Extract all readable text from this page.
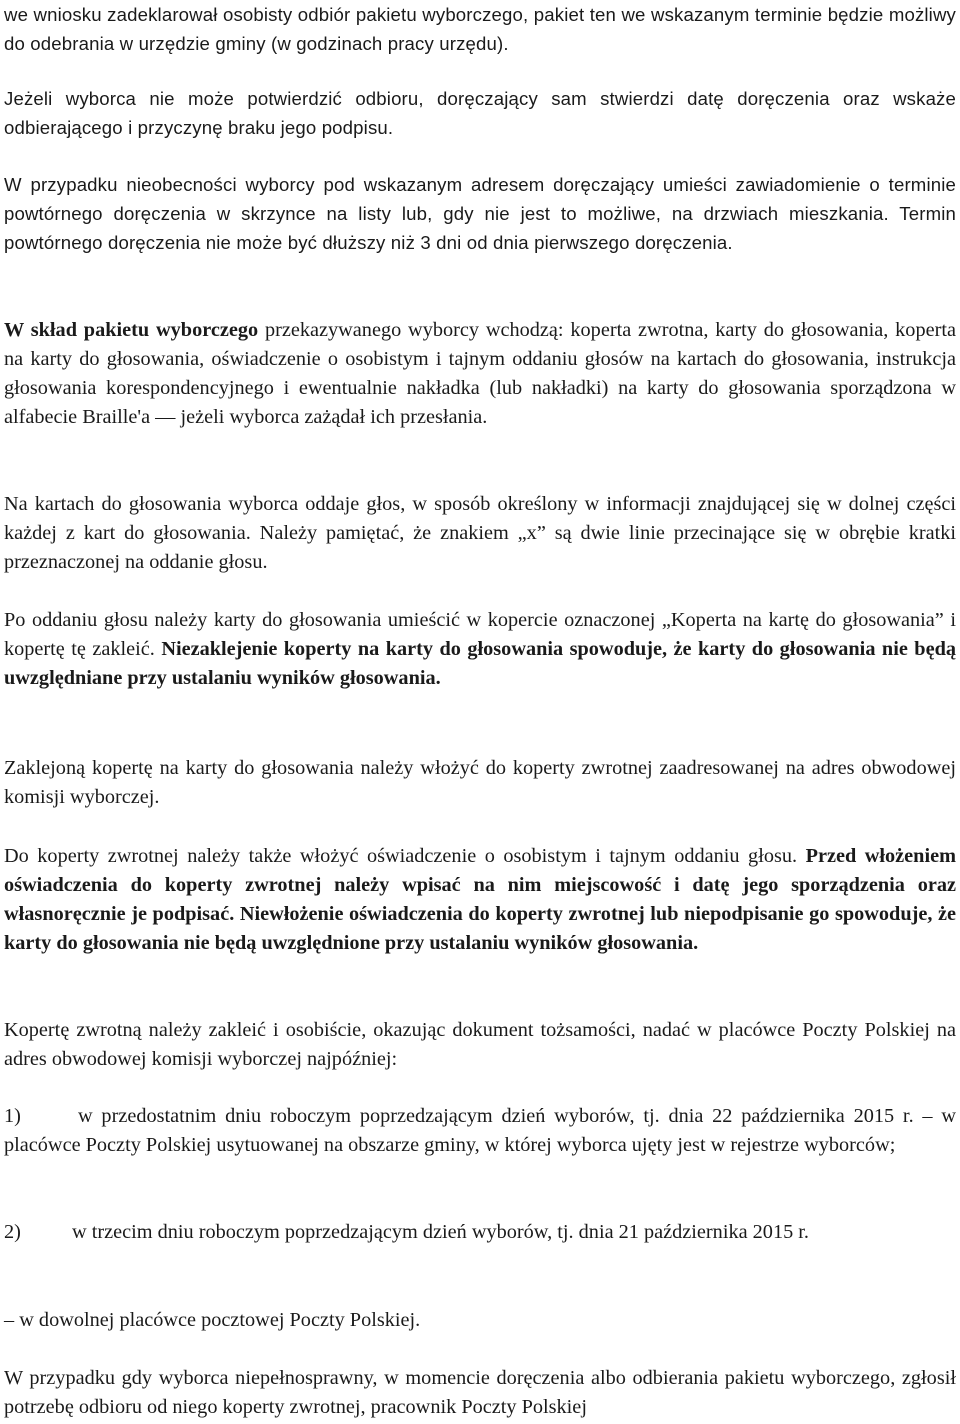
we wniosku zadeklarował osobisty odbiór pakietu wyborczego, pakiet ten we wskazanym terminie będzie możliwy do odebrania w urzędzie gminy (w godzinach pracy urzędu).

Jeżeli wyborca nie może potwierdzić odbioru, doręczający sam stwierdzi datę doręczenia oraz wskaże odbierającego i przyczynę braku jego podpisu.

W przypadku nieobecności wyborcy pod wskazanym adresem doręczający umieści zawiadomienie o terminie powtórnego doręczenia w skrzynce na listy lub, gdy nie jest to możliwe, na drzwiach mieszkania. Termin powtórnego doręczenia nie może być dłuższy niż 3 dni od dnia pierwszego doręczenia.

W skład pakietu wyborczego przekazywanego wyborcy wchodzą: koperta zwrotna, karty do głosowania, koperta na karty do głosowania, oświadczenie o osobistym i tajnym oddaniu głosów na kartach do głosowania, instrukcja głosowania korespondencyjnego i ewentualnie nakładka (lub nakładki) na karty do głosowania sporządzona w alfabecie Braille'a ― jeżeli wyborca zażądał ich przesłania.

Na kartach do głosowania wyborca oddaje głos, w sposób określony w informacji znajdującej się w dolnej części każdej z kart do głosowania. Należy pamiętać, że znakiem „x” są dwie linie przecinające się w obrębie kratki przeznaczonej na oddanie głosu.

Po oddaniu głosu należy karty do głosowania umieścić w kopercie oznaczonej „Koperta na kartę do głosowania” i kopertę tę zakleić. Niezaklejenie koperty na karty do głosowania spowoduje, że karty do głosowania nie będą uwzględniane przy ustalaniu wyników głosowania.

Zaklejoną kopertę na karty do głosowania należy włożyć do koperty zwrotnej zaadresowanej na adres obwodowej komisji wyborczej.

Do koperty zwrotnej należy także włożyć oświadczenie o osobistym i tajnym oddaniu głosu. Przed włożeniem oświadczenia do koperty zwrotnej należy wpisać na nim miejscowość i datę jego sporządzenia oraz własnoręcznie je podpisać. Niewłożenie oświadczenia do koperty zwrotnej lub niepodpisanie go spowoduje, że karty do głosowania nie będą uwzględnione przy ustalaniu wyników głosowania.

Kopertę zwrotną należy zakleić i osobiście, okazując dokument tożsamości, nadać w placówce Poczty Polskiej na adres obwodowej komisji wyborczej najpóźniej:

1)	w przedostatnim dniu roboczym poprzedzającym dzień wyborów, tj. dnia 22 października 2015 r. – w placówce Poczty Polskiej usytuowanej na obszarze gminy, w której wyborca ujęty jest w rejestrze wyborców;

2)	w trzecim dniu roboczym poprzedzającym dzień wyborów, tj. dnia 21 października 2015 r.

– w dowolnej placówce pocztowej Poczty Polskiej.

W przypadku gdy wyborca niepełnosprawny, w momencie doręczenia albo odbierania pakietu wyborczego, zgłosił potrzebę odbioru od niego koperty zwrotnej, pracownik Poczty Polskiej
